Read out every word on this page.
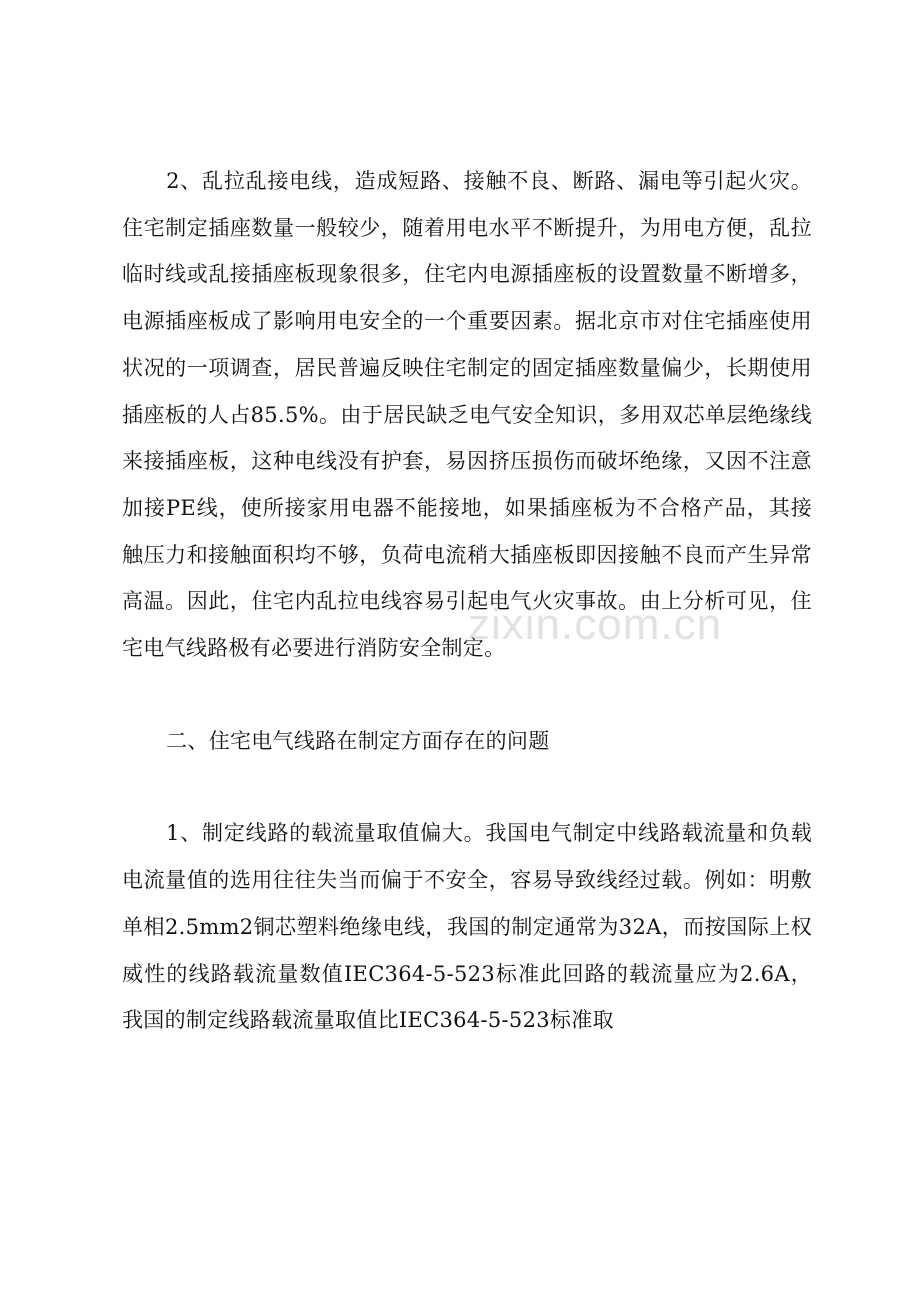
2、乱拉乱接电线，造成短路、接触不良、断路、漏电等引起火灾。住宅制定插座数量一般较少，随着用电水平不断提升，为用电方便，乱拉临时线或乱接插座板现象很多，住宅内电源插座板的设置数量不断增多，电源插座板成了影响用电安全的一个重要因素。据北京市对住宅插座使用状况的一项调查，居民普遍反映住宅制定的固定插座数量偏少，长期使用插座板的人占85.5%。由于居民缺乏电气安全知识，多用双芯单层绝缘线来接插座板，这种电线没有护套，易因挤压损伤而破坏绝缘，又因不注意加接PE线，使所接家用电器不能接地，如果插座板为不合格产品，其接触压力和接触面积均不够，负荷电流稍大插座板即因接触不良而产生异常高温。因此，住宅内乱拉电线容易引起电气火灾事故。由上分析可见，住宅电气线路极有必要进行消防安全制定。

二、住宅电气线路在制定方面存在的问题

1、制定线路的载流量取值偏大。我国电气制定中线路载流量和负载电流量值的选用往往失当而偏于不安全，容易导致线经过载。例如：明敷单相2.5mm2铜芯塑料绝缘电线，我国的制定通常为32A，而按国际上权威性的线路载流量数值IEC364-5-523标准此回路的载流量应为2.6A，我国的制定线路载流量取值比IEC364-5-523标准取

zixin.com.cn
